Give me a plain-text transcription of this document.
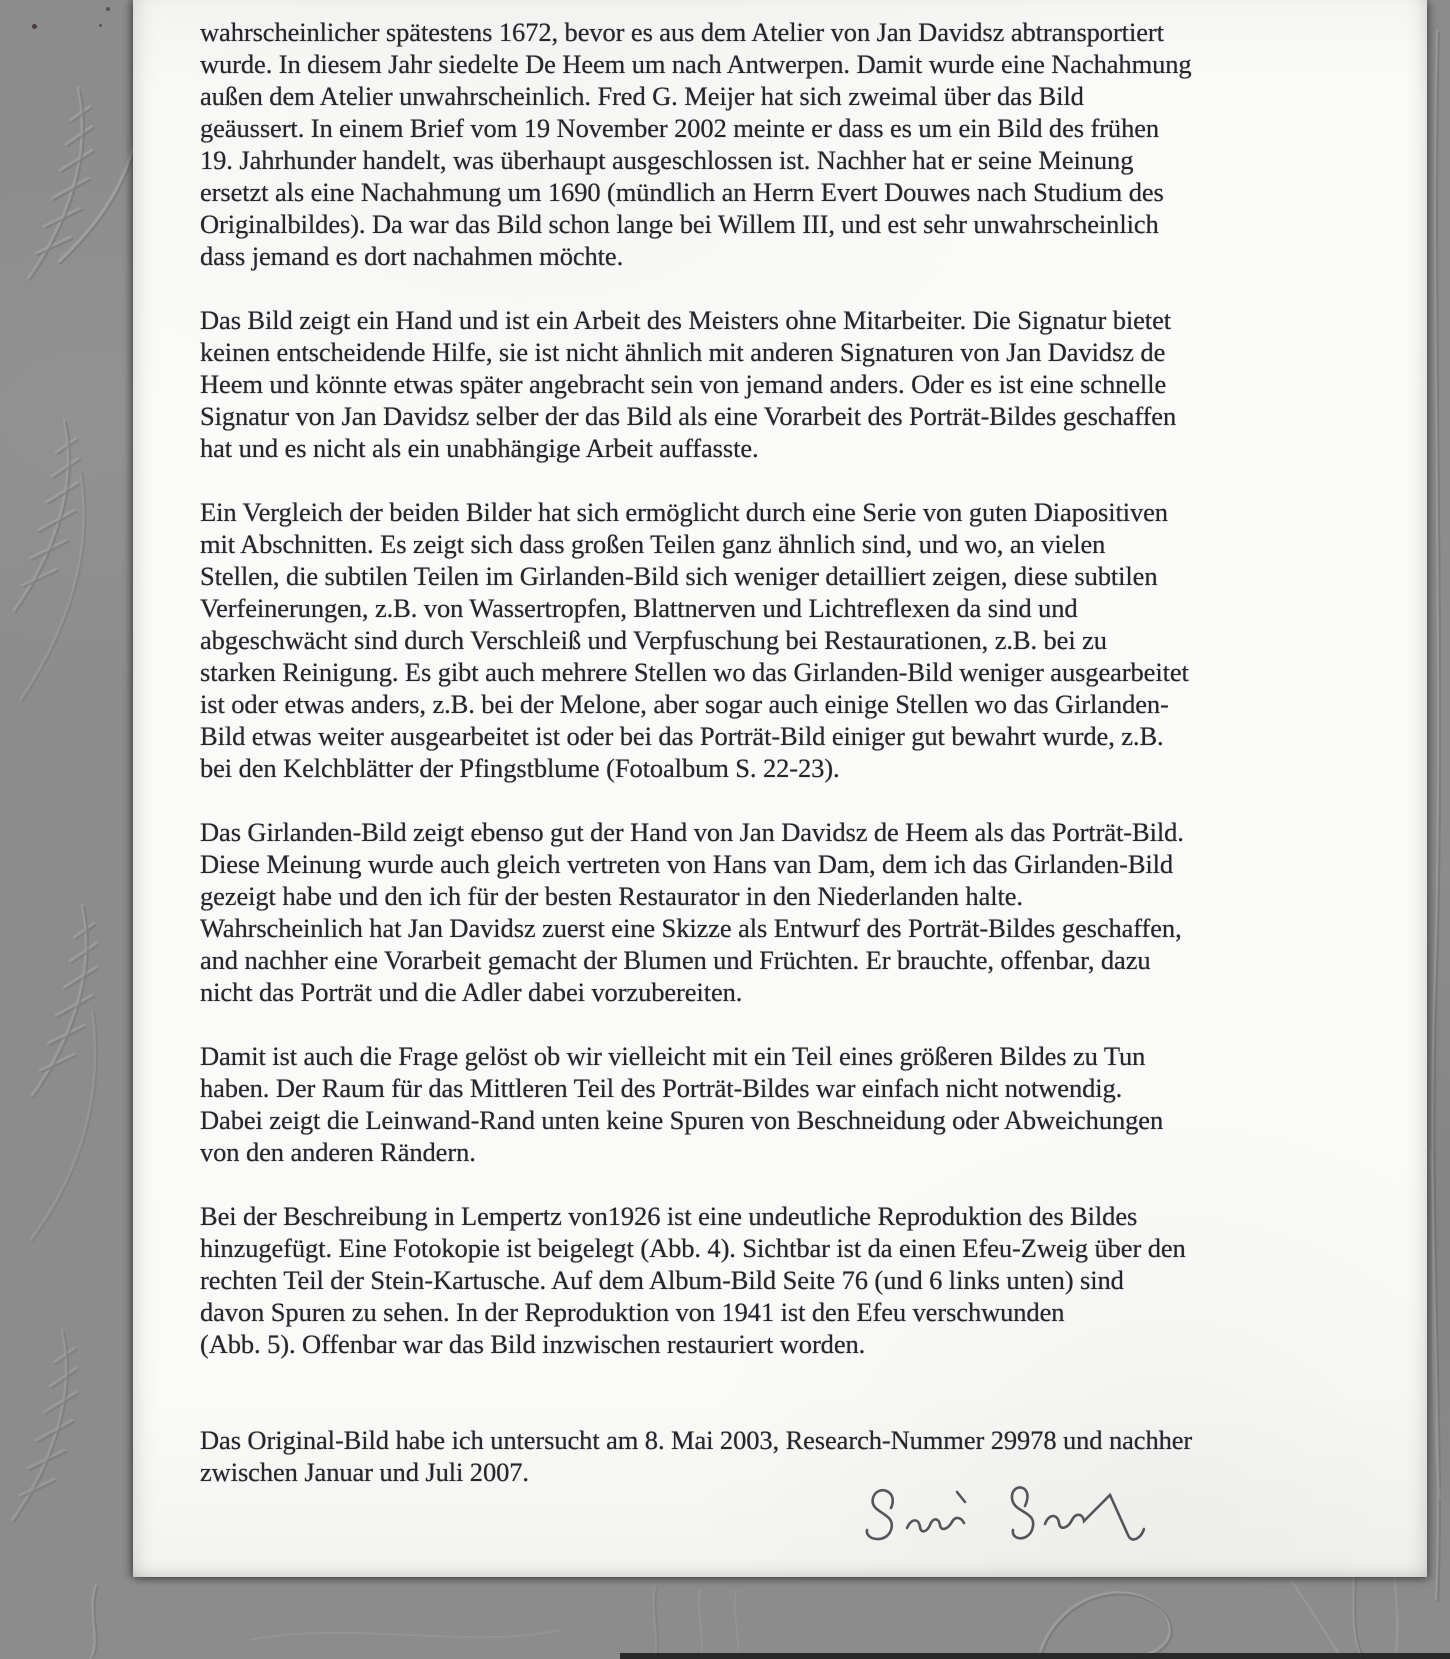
wahrscheinlicher spätestens 1672, bevor es aus dem Atelier von Jan Davidsz abtransportiert
wurde. In diesem Jahr siedelte De Heem um nach Antwerpen. Damit wurde eine Nachahmung
außen dem Atelier unwahrscheinlich. Fred G. Meijer hat sich zweimal über das Bild
geäussert. In einem Brief vom 19 November 2002 meinte er dass es um ein Bild des frühen
19. Jahrhunder handelt, was überhaupt ausgeschlossen ist. Nachher hat er seine Meinung
ersetzt als eine Nachahmung um 1690 (mündlich an Herrn Evert Douwes nach Studium des
Originalbildes). Da war das Bild schon lange bei Willem III, und est sehr unwahrscheinlich
dass jemand es dort nachahmen möchte.
Das Bild zeigt ein Hand und ist ein Arbeit des Meisters ohne Mitarbeiter. Die Signatur bietet
keinen entscheidende Hilfe, sie ist nicht ähnlich mit anderen Signaturen von Jan Davidsz de
Heem und könnte etwas später angebracht sein von jemand anders. Oder es ist eine schnelle
Signatur von Jan Davidsz selber der das Bild als eine Vorarbeit des Porträt-Bildes geschaffen
hat und es nicht als ein unabhängige Arbeit auffasste.
Ein Vergleich der beiden Bilder hat sich ermöglicht durch eine Serie von guten Diapositiven
mit Abschnitten. Es zeigt sich dass großen Teilen ganz ähnlich sind, und wo, an vielen
Stellen, die subtilen Teilen im Girlanden-Bild sich weniger detailliert zeigen, diese subtilen
Verfeinerungen, z.B. von Wassertropfen, Blattnerven und Lichtreflexen da sind und
abgeschwächt sind durch Verschleiß und Verpfuschung bei Restaurationen, z.B. bei zu
starken Reinigung. Es gibt auch mehrere Stellen wo das Girlanden-Bild weniger ausgearbeitet
ist oder etwas anders, z.B. bei der Melone, aber sogar auch einige Stellen wo das Girlanden-
Bild etwas weiter ausgearbeitet ist oder bei das Porträt-Bild einiger gut bewahrt wurde, z.B.
bei den Kelchblätter der Pfingstblume (Fotoalbum S. 22-23).
Das Girlanden-Bild zeigt ebenso gut der Hand von Jan Davidsz de Heem als das Porträt-Bild.
Diese Meinung wurde auch gleich vertreten von Hans van Dam, dem ich das Girlanden-Bild
gezeigt habe und den ich für der besten Restaurator in den Niederlanden halte.
Wahrscheinlich hat Jan Davidsz zuerst eine Skizze als Entwurf des Porträt-Bildes geschaffen,
and nachher eine Vorarbeit gemacht der Blumen und Früchten. Er brauchte, offenbar, dazu
nicht das Porträt und die Adler dabei vorzubereiten.
Damit ist auch die Frage gelöst ob wir vielleicht mit ein Teil eines größeren Bildes zu Tun
haben. Der Raum für das Mittleren Teil des Porträt-Bildes war einfach nicht notwendig.
Dabei zeigt die Leinwand-Rand unten keine Spuren von Beschneidung oder Abweichungen
von den anderen Rändern.
Bei der Beschreibung in Lempertz von1926 ist eine undeutliche Reproduktion des Bildes
hinzugefügt. Eine Fotokopie ist beigelegt (Abb. 4). Sichtbar ist da einen Efeu-Zweig über den
rechten Teil der Stein-Kartusche. Auf dem Album-Bild Seite 76 (und 6 links unten) sind
davon Spuren zu sehen. In der Reproduktion von 1941 ist den Efeu verschwunden
(Abb. 5). Offenbar war das Bild inzwischen restauriert worden.
Das Original-Bild habe ich untersucht am 8. Mai 2003, Research-Nummer 29978 und nachher
zwischen Januar und Juli 2007.
